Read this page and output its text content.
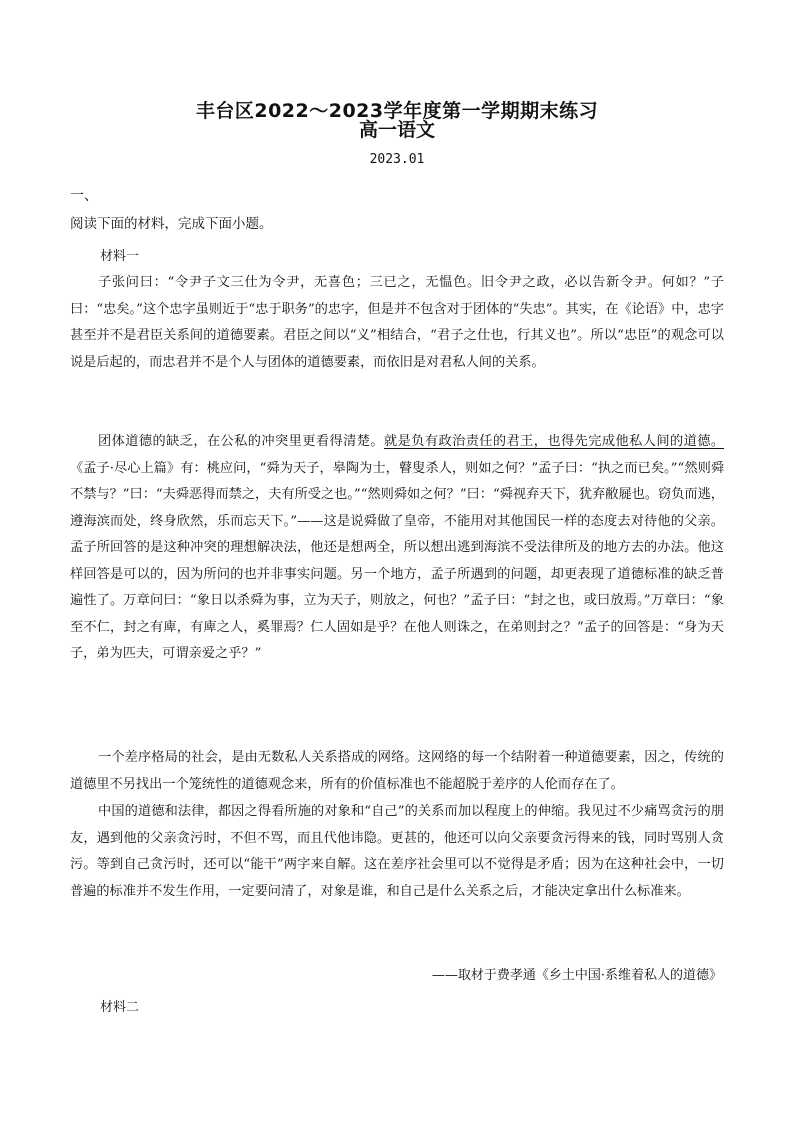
丰台区2022～2023学年度第一学期期末练习
高一语文
2023.01
一、
阅读下面的材料，完成下面小题。
材料一

子张问曰：“令尹子文三仕为令尹，无喜色；三已之，无愠色。旧令尹之政，必以告新令尹。何如？”子曰：“忠矣。”这个忠字虽则近于“忠于职务”的忠字，但是并不包含对于团体的“失忠”。其实，在《论语》中，忠字甚至并不是君臣关系间的道德要素。君臣之间以“义”相结合，“君子之仕也，行其义也”。所以“忠臣”的观念可以说是后起的，而忠君并不是个人与团体的道德要素，而依旧是对君私人间的关系。

团体道德的缺乏，在公私的冲突里更看得清楚。就是负有政治责任的君王，也得先完成他私人间的道德。《孟子·尽心上篇》有：桃应问，“舜为天子，皋陶为士，瞽叟杀人，则如之何？”孟子曰：“执之而已矣。”“然则舜不禁与？”曰：“夫舜恶得而禁之，夫有所受之也。”“然则舜如之何？”曰：“舜视弃天下，犹弃敝屣也。窃负而逃，遵海滨而处，终身欣然，乐而忘天下。”——这是说舜做了皇帝，不能用对其他国民一样的态度去对待他的父亲。孟子所回答的是这种冲突的理想解决法，他还是想两全，所以想出逃到海滨不受法律所及的地方去的办法。他这样回答是可以的，因为所问的也并非事实问题。另一个地方，孟子所遇到的问题，却更表现了道德标准的缺乏普遍性了。万章问曰：“象日以杀舜为事，立为天子，则放之，何也？”孟子曰：“封之也，或曰放焉。”万章曰：“象至不仁，封之有庳，有庳之人，奚罪焉？仁人固如是乎？在他人则诛之，在弟则封之？”孟子的回答是：“身为天子，弟为匹夫，可谓亲爱之乎？”

一个差序格局的社会，是由无数私人关系搭成的网络。这网络的每一个结附着一种道德要素，因之，传统的道德里不另找出一个笼统性的道德观念来，所有的价值标准也不能超脱于差序的人伦而存在了。

中国的道德和法律，都因之得看所施的对象和“自己”的关系而加以程度上的伸缩。我见过不少痛骂贪污的朋友，遇到他的父亲贪污时，不但不骂，而且代他讳隐。更甚的，他还可以向父亲要贪污得来的钱，同时骂别人贪污。等到自己贪污时，还可以“能干”两字来自解。这在差序社会里可以不觉得是矛盾；因为在这种社会中，一切普遍的标准并不发生作用，一定要问清了，对象是谁，和自己是什么关系之后，才能决定拿出什么标准来。

——取材于费孝通《乡土中国·系维着私人的道德》
材料二
